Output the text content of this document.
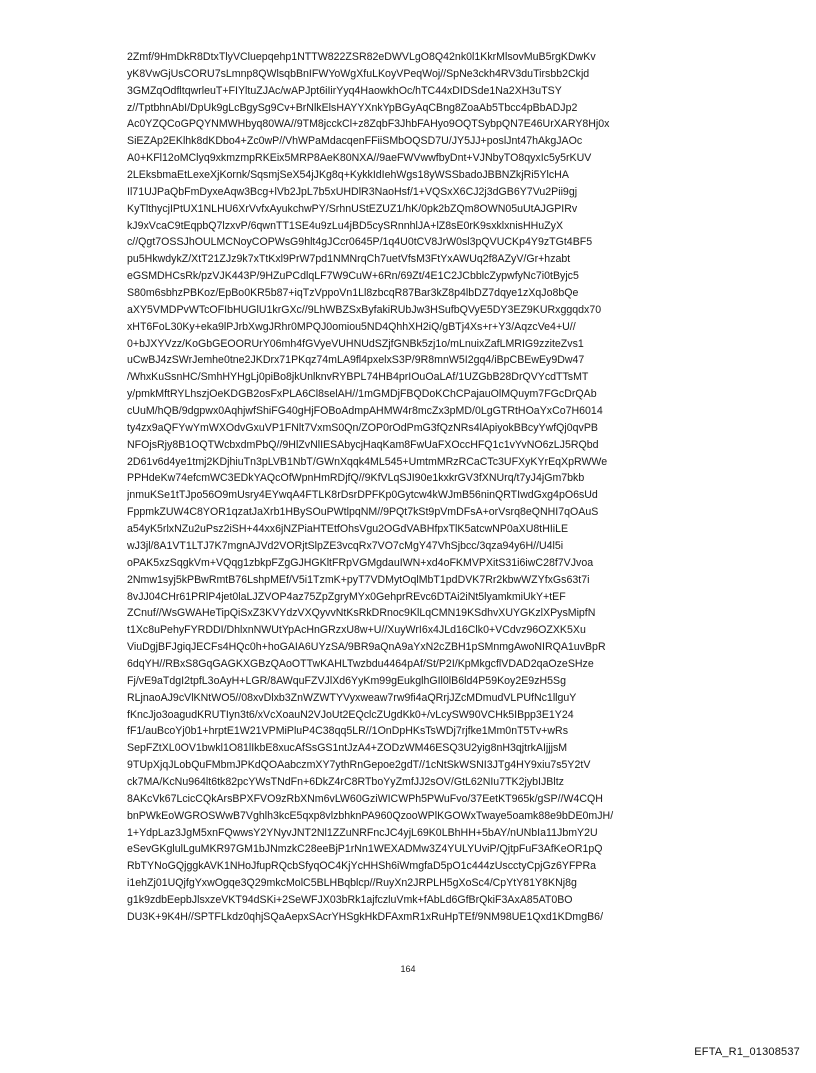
2Zmf/9HmDkR8DtxTlyVCluepqehp1NTTW822ZSR82eDWVLgO8Q42nk0l1KkrMlsovMuB5rgKDwKv
yK8VwGjUsCORU7sLmnp8QWlsqbBnIFWYoWgXfuLKoyVPeqWoj//SpNe3ckh4RV3duTirsbb2Ckjd
3GMZqOdfltqwrleuT+FIYltuZJAc/wAPJpt6iIirYyq4HaowkhOc/hTC44xDIDSde1Na2XH3uTSY
z//TptbhnAbI/DpUk9gLcBgySg9Cv+BrNlkElsHAYYXnkYpBGyAqCBng8ZoaAb5Tbcc4pBbADJp2
Ac0YZQCoGPQYNMWHbyq80WA//9TM8jcckCl+z8ZqbF3JhbFAHyo9OQTSybpQN7E46UrXARY8Hj0x
SiEZAp2EKlhk8dKDbo4+Zc0wP//VhWPaMdacqenFFiiSMbOQSD7U/JY5JJ+poslJnt47hAkgJAOc
A0+KFl12oMClyq9xkmzmpRKEix5MRP8AeK80NXA//9aeFWVwwfbyDnt+VJNbyTO8qyxIc5y5rKUV
2LEksbmaEtLexeXjKornk/SqsmjSeX54jJKg8q+KykkIdIehWgs18yWSSbadoJBBNZkjRi5YlcHA
Il71UJPaQbFmDyxeAqw3Bcg+lVb2JpL7b5xUHDlR3NaoHsf/1+VQSxX6CJ2j3dGB6Y7Vu2Pii9gj
KyTlthycjIPtUX1NLHU6XrVvfxAyukchwPY/SrhnUStEZUZ1/hK/0pk2bZQm8OWN05uUtAJGPIRv
kJ9xVcaC9tEqpbQ7lzxvP/6qwnTT1SE4u9zLu4jBD5cySRnnhlJA+lZ8sE0rK9sxklxnisHHuZyX
c//Qgt7OSSJhOULMCNoyCOPWsG9hlt4gJCcr0645P/1q4U0tCV8JrW0sl3pQVUCKp4Y9zTGt4BF5
pu5HkwdykZ/XtT21ZJz9k7xTtKxl9PrW7pd1NMNrqCh7uetVfsM3FtYxAWUq2f8AZyV/Gr+hzabt
eGSMDHCsRk/pzVJK443P/9HZuPCdlqLF7W9CuW+6Rn/69Zt/4E1C2JCbblcZypwfyNc7i0tByjc5
S80m6sbhzPBKoz/EpBo0KR5b87+iqTzVppoVn1Ll8zbcqR87Bar3kZ8p4lbDZ7dqye1zXqJo8bQe
aXY5VMDPvWTcOFIbHUGlU1krGXc//9LhWBZSxByfakiRUbJw3HSufbQVyE5DY3EZ9KURxggqdx70
xHT6FoL30Ky+eka9lPJrbXwgJRhr0MPQJ0omiou5ND4QhhXH2iQ/gBTj4Xs+r+Y3/AqzcVe4+U//
0+bJXYVzz/KoGbGEOORUrY06mh4fGVyeVUHNUdSZjfGNBk5zj1o/mLnuixZafLMRIG9zziteZvs1
uCwBJ4zSWrJemhe0tne2JKDrx71PKqz74mLA9fl4pxelxS3P/9R8mnW5I2gq4/iBpCBEwEy9Dw47
/WhxKuSsnHC/SmhHYHgLj0piBo8jkUnlknvRYBPL74HB4prIOuOaLAf/1UZGbB28DrQVYcdTTsMT
y/pmkMftRYLhszjOeKDGB2osFxPLA6Cl8selAH//1mGMDjFBQDoKChCPajauOlMQuym7FGcDrQAb
cUuM/hQB/9dgpwx0AqhjwfShiFG40gHjFOBoAdmpAHMW4r8mcZx3pMD/0LgGTRtHOaYxCo7H6014
ty4zx9aQFYwYmWXOdvGxuVP1FNlt7VxmS0Qn/ZOP0rOdPmG3fQzNRs4lApiyokBBcyYwfQj0qvPB
NFOjsRjy8B1OQTWcbxdmPbQ//9HlZvNlIESAbycjHaqKam8FwUaFXOccHFQ1c1vYvNO6zLJ5RQbd
2D61v6d4ye1tmj2KDjhiuTn3pLVB1NbT/GWnXqqk4ML545+UmtmMRzRCaCTc3UFXyKYrEqXpRWWe
PPHdeKw74efcmWC3EDkYAQcOfWpnHmRDjfQ//9KfVLqSJI90e1kxkrGV3fXNUrq/t7yJ4jGm7bkb
jnmuKSe1tTJpo56O9mUsry4EYwqA4FTLK8rDsrDPFKp0Gytcw4kWJmB56ninQRTIwdGxg4pO6sUd
FppmkZUW4C8YOR1qzatJaXrb1HBySOuPWtlpqNM//9PQt7kSt9pVmDFsA+orVsrq8eQNHI7qOAuS
a54yK5rlxNZu2uPsz2iSH+44xx6jNZPiaHTEtfOhsVgu2OGdVABHfpxTlK5atcwNP0aXU8tHIiLE
wJ3jl/8A1VT1LTJ7K7mgnAJVd2VORjtSlpZE3vcqRx7VO7cMgY47VhSjbcc/3qza94y6H//U4l5i
oPAK5xzSqgkVm+VQqg1zbkpFZgGJHGKltFRpVGMgdauIWN+xd4oFKMVPXitS31i6iwC28f7VJvoa
2Nmw1syj5kPBwRmtB76LshpMEf/V5i1TzmK+pyT7VDMytOqlMbT1pdDVK7Rr2kbwWZYfxGs63t7i
8vJJ04CHr61PRlP4jet0laLJZVOP4az75ZpZgryMYx0GehprREvc6DTAi2iNt5lyamkmiUkY+tEF
ZCnuf//WsGWAHeTipQiSxZ3KVYdzVXQyvvNtKsRkDRnoc9KlLqCMN19KSdhvXUYGKzlXPysMipfN
t1Xc8uPehyFYRDDI/DhlxnNWUtYpAcHnGRzxU8w+U//XuyWrI6x4JLd16Clk0+VCdvz96OZXK5Xu
ViuDgjBFJgiqJECFs4HQc0h+hoGAIA6UYzSA/9BR9aQnA9aYxN2cZBH1pSMnmgAwoNIRQA1uvBpR
6dqYH//RBxS8GqGAGKXGBzQAoOTTwKAHLTwzbdu4464pAf/St/P2I/KpMkgcflVDAD2qaOzeSHze
Fj/vE9aTdgI2tpfL3oAyH+LGR/8AWquFZVJlXd6YyKm99gEukglhGIl0lB6ld4P59Koy2E9zH5Sg
RLjnaoAJ9cVlKNtWO5//08xvDlxb3ZnWZWTYVyxweaw7rw9fi4aQRrjJZcMDmudVLPUfNc1llguY
fKncJjo3oagudKRUTIyn3t6/xVcXoauN2VJoUt2EQclcZUgdKk0+/vLcySW90VCHk5IBpp3E1Y24
fF1/auBcoYj0b1+hrptE1W21VPMiPluP4C38qq5LR//1OnDpHKsTsWDj7rjfke1Mm0nT5Tv+wRs
SepFZtXL0OV1bwkl1O81lIkbE8xucAfSsGS1ntJzA4+ZODzWM46ESQ3U2yig8nH3qjtrkAIjjjsM
9TUpXjqJLobQuFMbmJPKdQOAabczmXY7ythRnGepoe2gdT//1cNtSkWSNI3JTg4HY9xiu7s5Y2tV
ck7MA/KcNu964lt6tk82pcYWsTNdFn+6DkZ4rC8RTboYyZmfJJ2sOV/GtL62NIu7TK2jybIJBltz
8AKcVk67LcicCQkArsBPXFVO9zRbXNm6vLW60GziWICWPh5PWuFvo/37EetKT965k/gSP//W4CQH
bnPWkEoWGROSWwB7Vghlh3kcE5qxp8vlzbhknPA960QzooWPlKGOWxTwaye5oamk88e9bDE0mJH/
1+YdpLaz3JgM5xnFQwwsY2YNyvJNT2Nl1ZZuNRFncJC4yjL69K0LBhHH+5bAY/nUNbIa11JbmY2U
eSevGKglulLguMKR97GM1bJNmzkC28eeBjP1rNn1WEXADMw3Z4YULYUviP/QjtpFuF3AfKeOR1pQ
RbTYNoGQjggkAVK1NHoJfupRQcbSfyqOC4KjYcHHSh6iWmgfaD5pO1c444zUscctyCpjGz6YFPRa
i1ehZj01UQjfgYxwOgqe3Q29mkcMolC5BLHBqblcp//RuyXn2JRPLH5gXoSc4/CpYtY81Y8KNj8g
g1k9zdbEepbJlsxzeVKT94dSKi+2SeWFJX03bRk1ajfczluVmk+fAbLd6GfBrQkiF3AxA85AT0BO
DU3K+9K4H//SPTFLkdz0qhjSQaAepxSAcrYHSgkHkDFAxmR1xRuHpTEf/9NM98UE1Qxd1KDmgB6/
164
EFTA_R1_01308537
